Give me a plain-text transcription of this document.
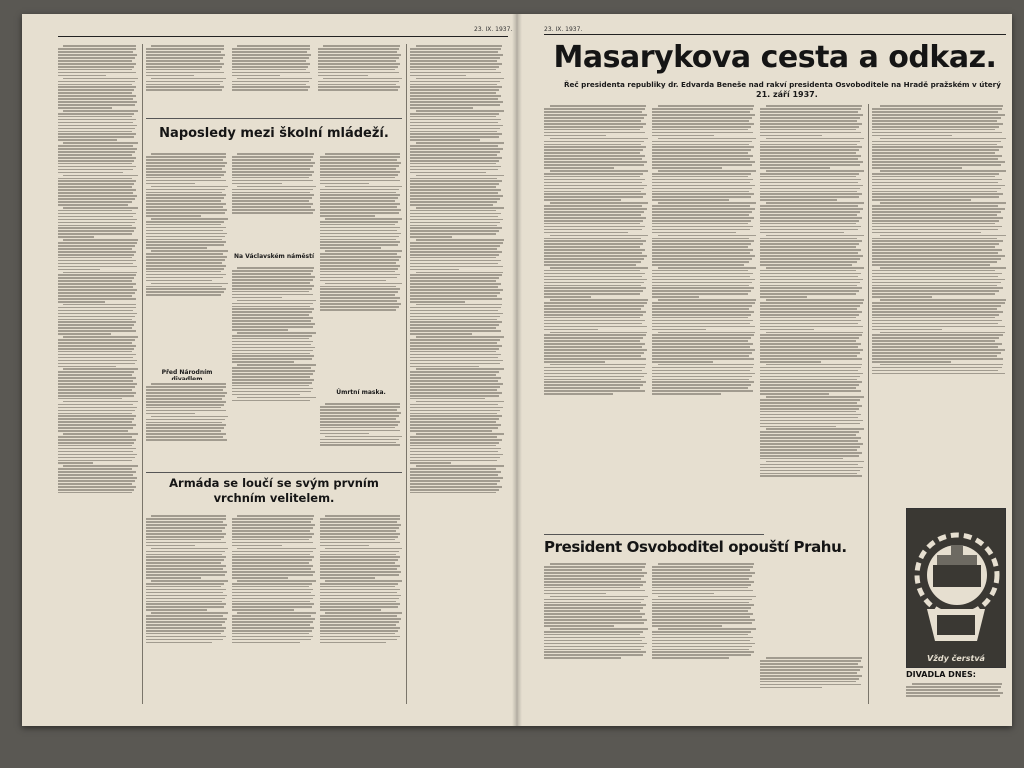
23. IX. 1937.
Naposledy mezi školní mládeží.
Před Národním divadlem
Na Václavském náměstí
Úmrtní maska.
Armáda se loučí se svým prvním vrchním velitelem.
23. IX. 1937.
Masarykova cesta a odkaz.
Řeč presidenta republiky dr. Edvarda Beneše nad rakví presidenta Osvoboditele na Hradě pražském v úterý
21. září 1937.
President Osvoboditel opouští Prahu.
Vždy čerstvá
DIVADLA DNES:
